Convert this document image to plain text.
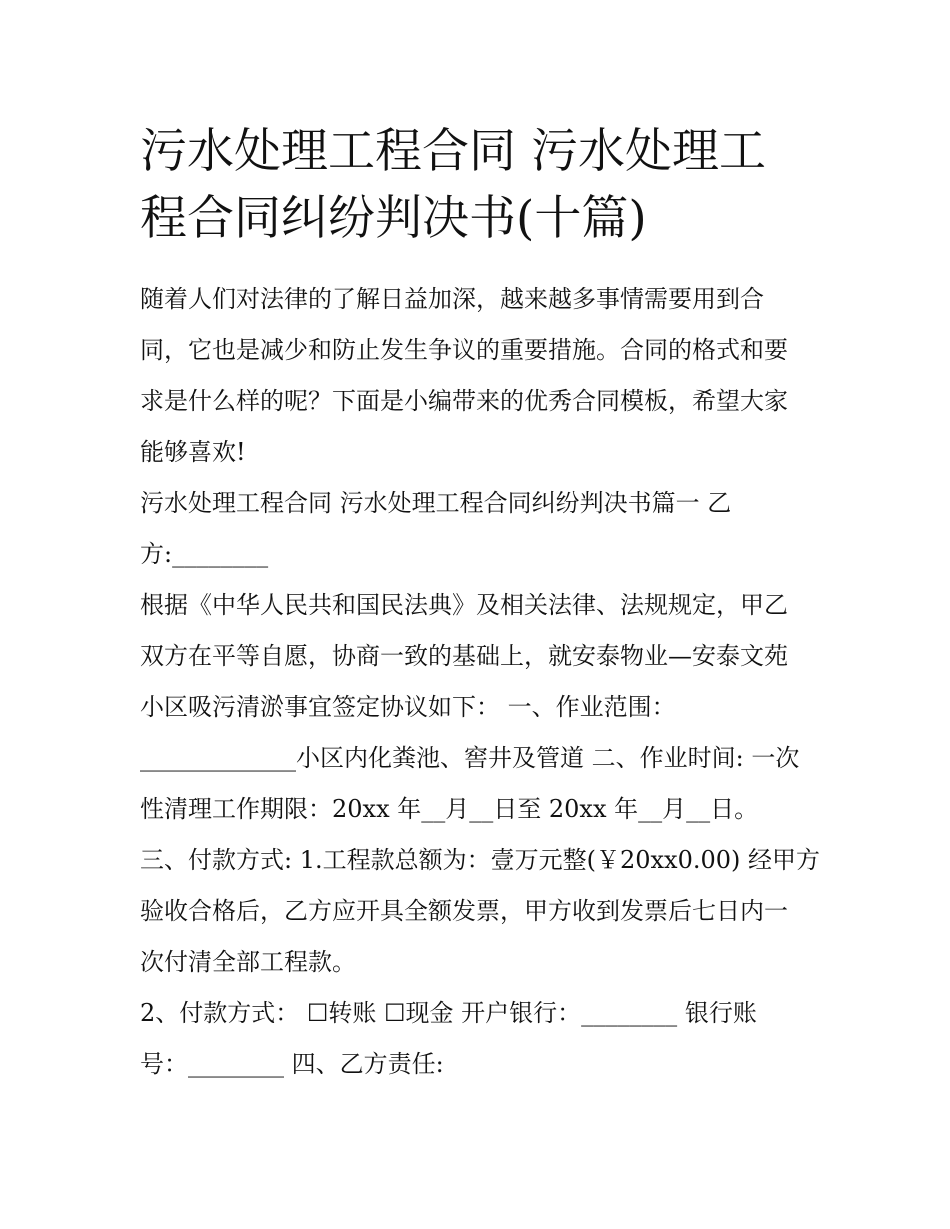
污水处理工程合同 污水处理工
程合同纠纷判决书(十篇)

随着人们对法律的了解日益加深，越来越多事情需要用到合
同，它也是减少和防止发生争议的重要措施。合同的格式和要
求是什么样的呢？下面是小编带来的优秀合同模板，希望大家
能够喜欢!

污水处理工程合同 污水处理工程合同纠纷判决书篇一 乙
方:________

根据《中华人民共和国民法典》及相关法律、法规规定，甲乙
双方在平等自愿，协商一致的基础上，就安泰物业—安泰文苑
小区吸污清淤事宜签定协议如下： 一、作业范围：
_____________小区内化粪池、窖井及管道 二、作业时间: 一次
性清理工作期限：20xx 年__月__日至 20xx 年__月__日。

三、付款方式: 1.工程款总额为：壹万元整(￥20xx0.00) 经甲方
验收合格后，乙方应开具全额发票，甲方收到发票后七日内一
次付清全部工程款。

2、付款方式： ☐转账 ☐现金 开户银行：________ 银行账
号：________ 四、乙方责任:
